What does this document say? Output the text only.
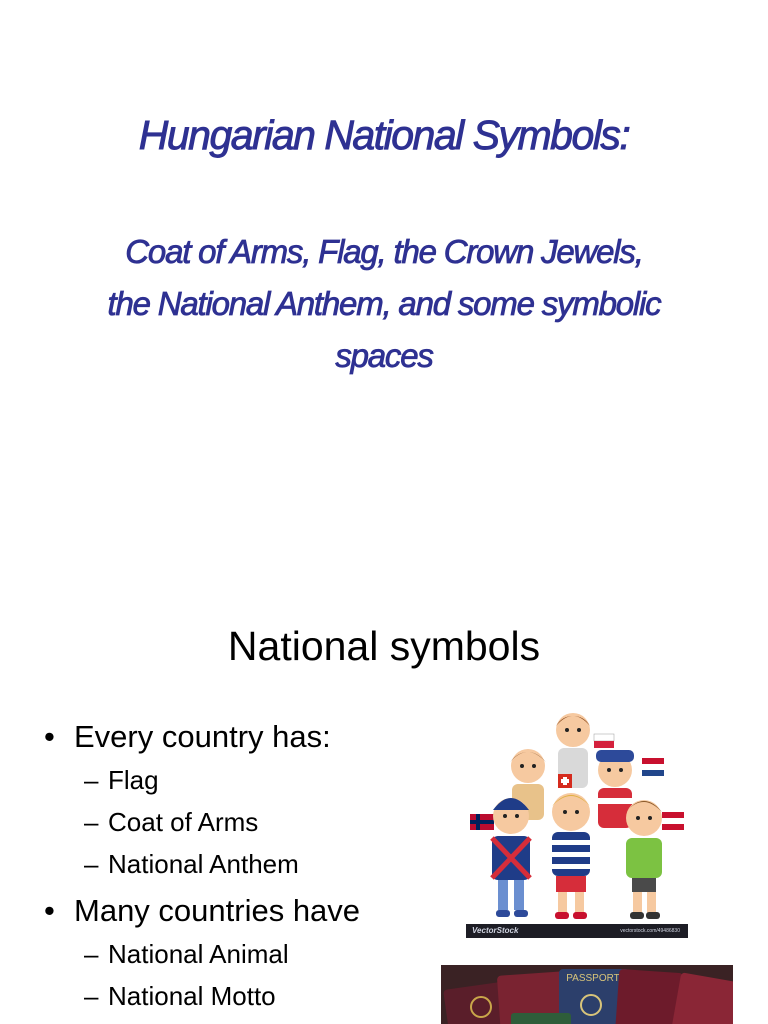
Hungarian National Symbols:
Coat of Arms, Flag, the Crown Jewels,
the National Anthem, and some symbolic
spaces
National symbols
• Every country has:
– Flag
– Coat of Arms
– National Anthem
• Many countries have
– National Animal
– National Motto
VectorStock	vectorstock.com/49486830
PASSPORT
